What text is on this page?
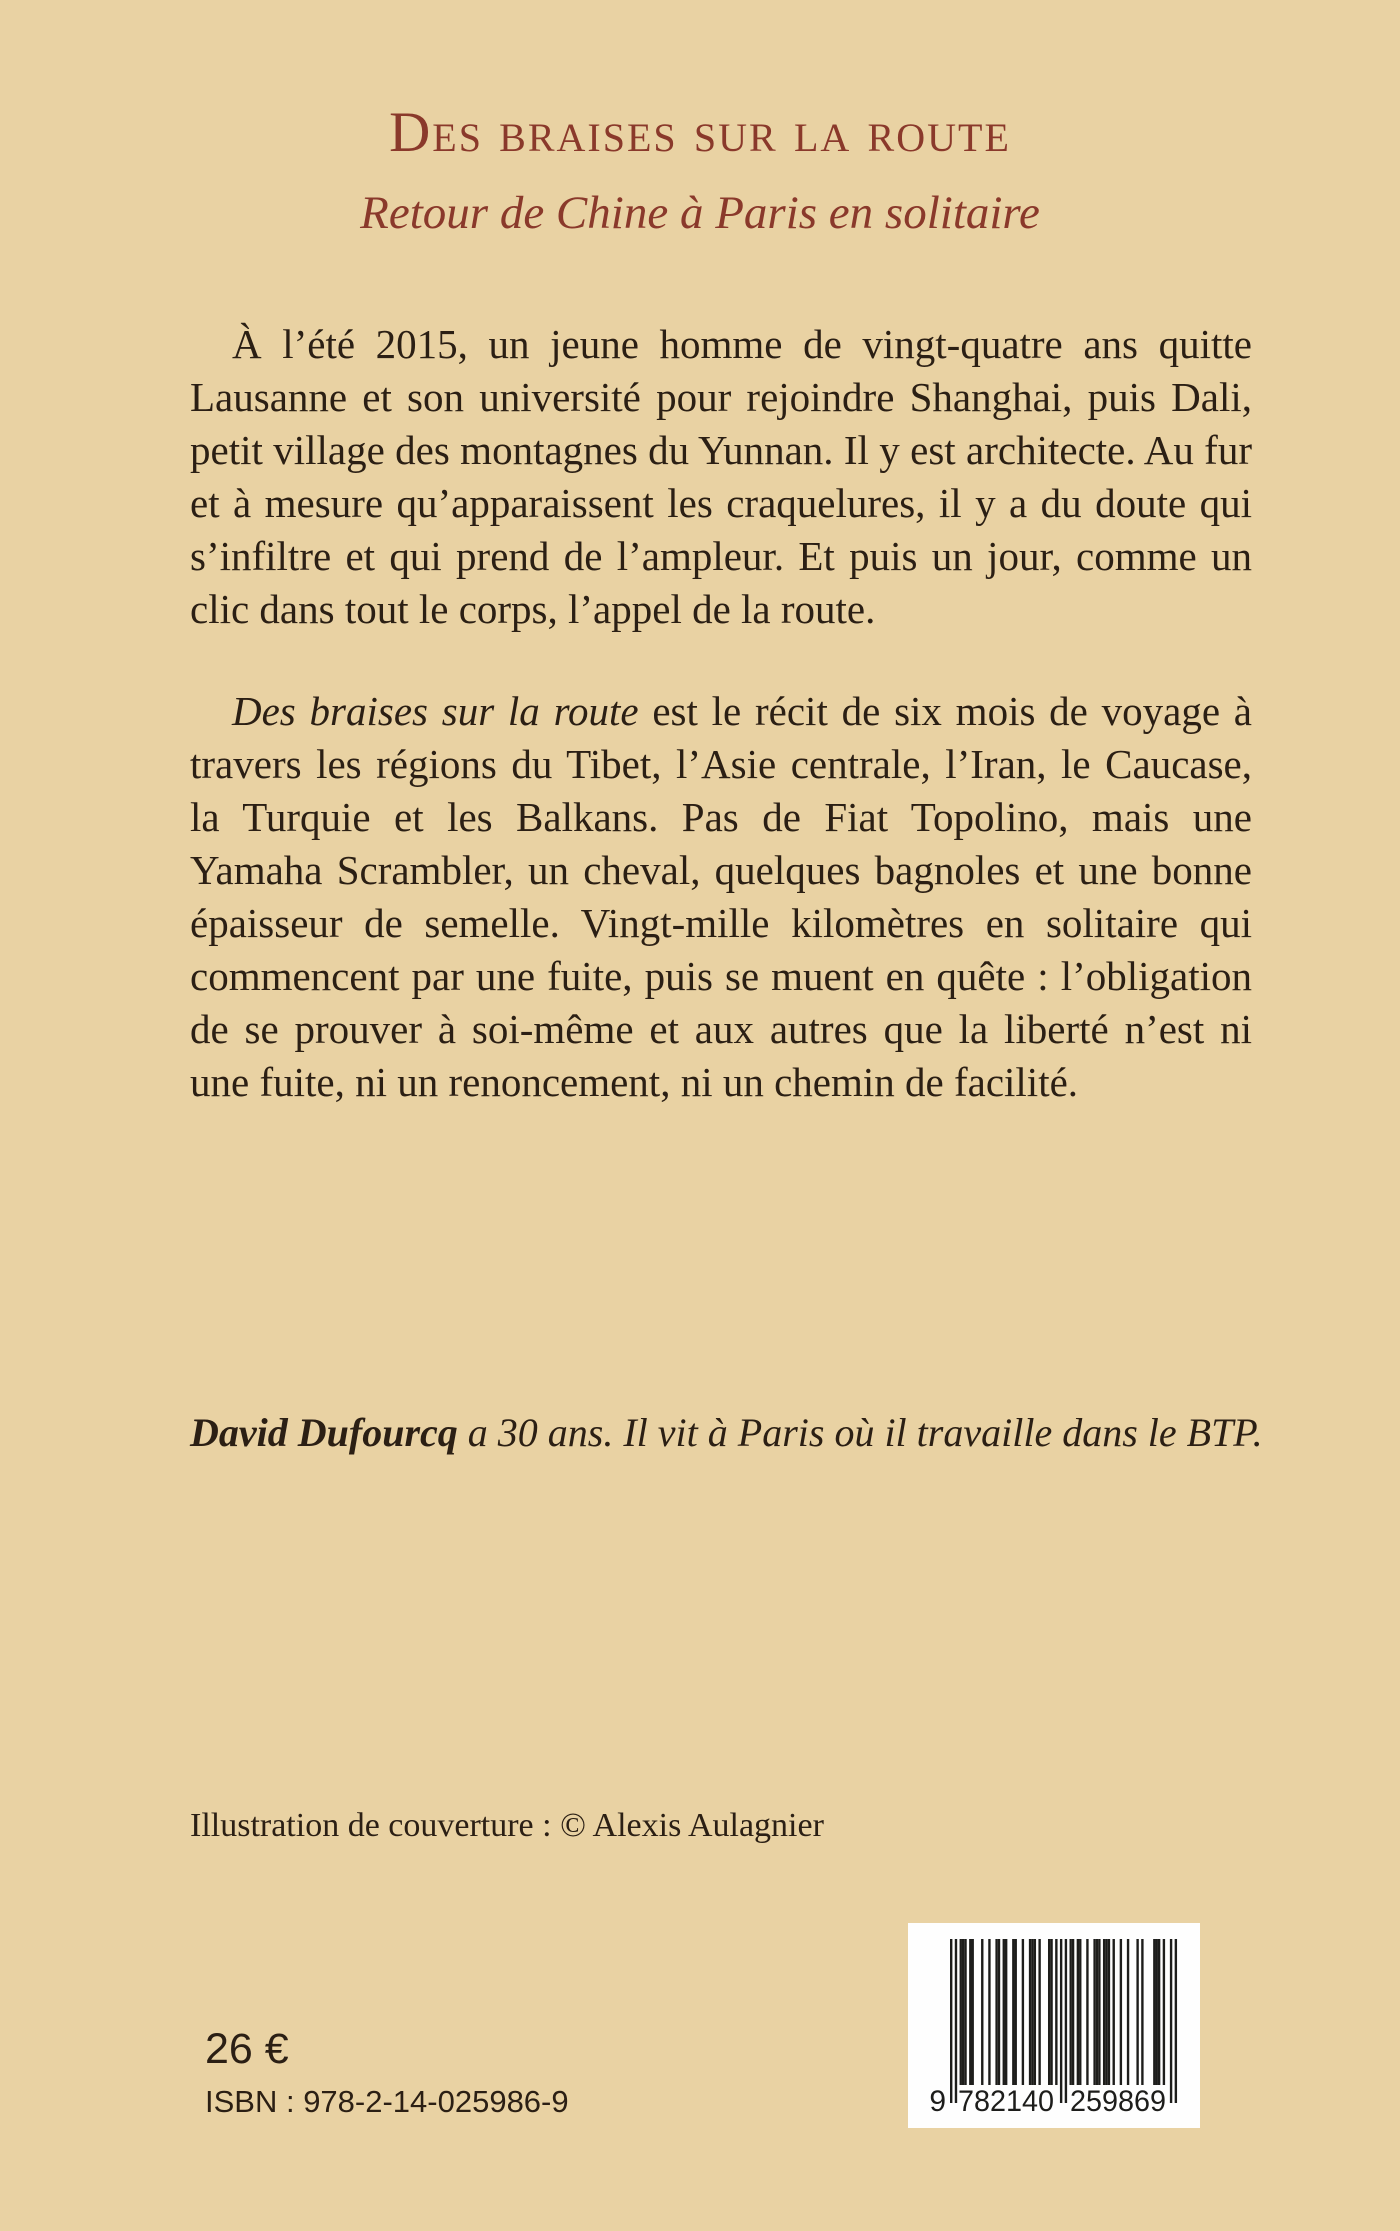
Des braises sur la route
Retour de Chine à Paris en solitaire

À l’été 2015, un jeune homme de vingt-quatre ans quitte Lausanne et son université pour rejoindre Shanghai, puis Dali, petit village des montagnes du Yunnan. Il y est architecte. Au fur et à mesure qu’apparaissent les craquelures, il y a du doute qui s’infiltre et qui prend de l’ampleur. Et puis un jour, comme un clic dans tout le corps, l’appel de la route.

Des braises sur la route est le récit de six mois de voyage à travers les régions du Tibet, l’Asie centrale, l’Iran, le Caucase, la Turquie et les Balkans. Pas de Fiat Topolino, mais une Yamaha Scrambler, un cheval, quelques bagnoles et une bonne épaisseur de semelle. Vingt-mille kilomètres en solitaire qui commencent par une fuite, puis se muent en quête : l’obligation de se prouver à soi-même et aux autres que la liberté n’est ni une fuite, ni un renoncement, ni un chemin de facilité.

David Dufourcq a 30 ans. Il vit à Paris où il travaille dans le BTP.

Illustration de couverture : © Alexis Aulagnier

26 €
ISBN : 978-2-14-025986-9	9 782140 259869
